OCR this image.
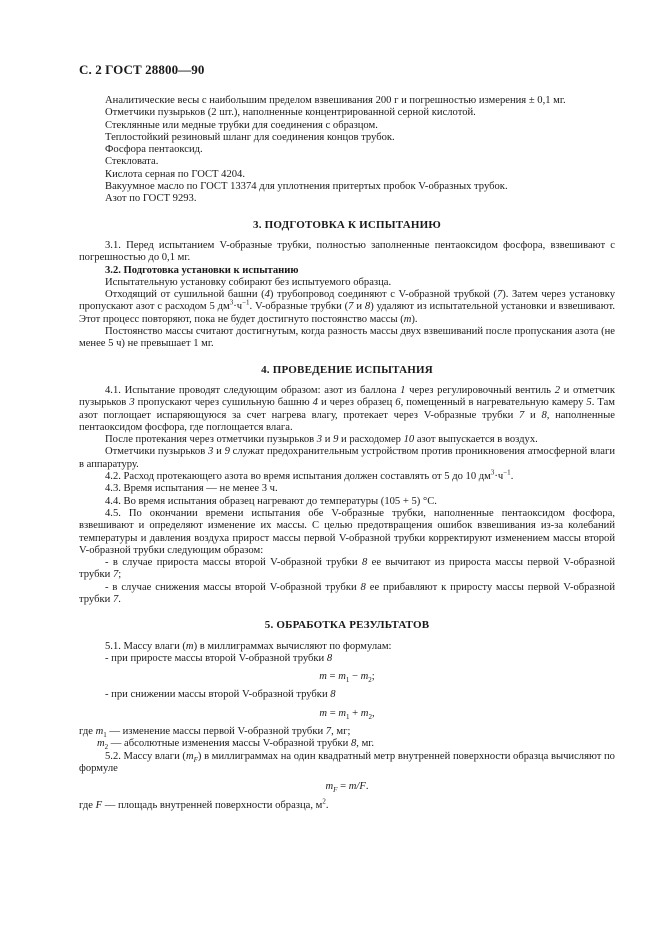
С. 2 ГОСТ 28800—90

Аналитические весы с наибольшим пределом взвешивания 200 г и погрешностью измерения ± 0,1 мг.

Отметчики пузырьков (2 шт.), наполненные концентрированной серной кислотой.

Стеклянные или медные трубки для соединения с образцом.

Теплостойкий резиновый шланг для соединения концов трубок.

Фосфора пентаоксид.

Стекловата.

Кислота серная по ГОСТ 4204.

Вакуумное масло по ГОСТ 13374 для уплотнения притертых пробок V-образных трубок.

Азот по ГОСТ 9293.

3. ПОДГОТОВКА К ИСПЫТАНИЮ

3.1. Перед испытанием V-образные трубки, полностью заполненные пентаоксидом фосфора, взвешивают с погрешностью до 0,1 мг.

3.2. Подготовка установки к испытанию

Испытательную установку собирают без испытуемого образца.

Отходящий от сушильной башни (4) трубопровод соединяют с V-образной трубкой (7). Затем через установку пропускают азот с расходом 5 $дм^3\cdot ч^{-1}$. V-образные трубки (7 и 8) удаляют из испытательной установки и взвешивают. Этот процесс повторяют, пока не будет достигнуто постоянство массы (m).

Постоянство массы считают достигнутым, когда разность массы двух взвешиваний после пропускания азота (не менее 5 ч) не превышает 1 мг.

4. ПРОВЕДЕНИЕ ИСПЫТАНИЯ

4.1. Испытание проводят следующим образом: азот из баллона 1 через регулировочный вентиль 2 и отметчик пузырьков 3 пропускают через сушильную башню 4 и через образец 6, помещенный в нагревательную камеру 5. Там азот поглощает испаряющуюся за счет нагрева влагу, протекает через V-образные трубки 7 и 8, наполненные пентаоксидом фосфора, где поглощается влага.

После протекания через отметчики пузырьков 3 и 9 и расходомер 10 азот выпускается в воздух.

Отметчики пузырьков 3 и 9 служат предохранительным устройством против проникновения атмосферной влаги в аппаратуру.

4.2. Расход протекающего азота во время испытания должен составлять от 5 до 10 $дм^3\cdot ч^{-1}$.

4.3. Время испытания — не менее 3 ч.

4.4. Во время испытания образец нагревают до температуры (105 + 5) °С.

4.5. По окончании времени испытания обе V-образные трубки, наполненные пентаоксидом фосфора, взвешивают и определяют изменение их массы. С целью предотвращения ошибок взвешивания из-за колебаний температуры и давления воздуха прирост массы первой V-образной трубки корректируют изменением массы второй V-образной трубки следующим образом:

- в случае прироста массы второй V-образной трубки 8 ее вычитают из прироста массы первой V-образной трубки 7;

- в случае снижения массы второй V-образной трубки 8 ее прибавляют к приросту массы первой V-образной трубки 7.

5. ОБРАБОТКА РЕЗУЛЬТАТОВ

5.1. Массу влаги (m) в миллиграммах вычисляют по формулам:

- при приросте массы второй V-образной трубки 8

$m = m_1 - m_2$;

- при снижении массы второй V-образной трубки 8

$m = m_1 + m_2$,

где $m_1$ — изменение массы первой V-образной трубки 7, мг;

$m_2$ — абсолютные изменения массы V-образной трубки 8, мг.

5.2. Массу влаги $(m_F)$ в миллиграммах на один квадратный метр внутренней поверхности образца вычисляют по формуле

$m_F = m/F$.

где F — площадь внутренней поверхности образца, $м^2$.
